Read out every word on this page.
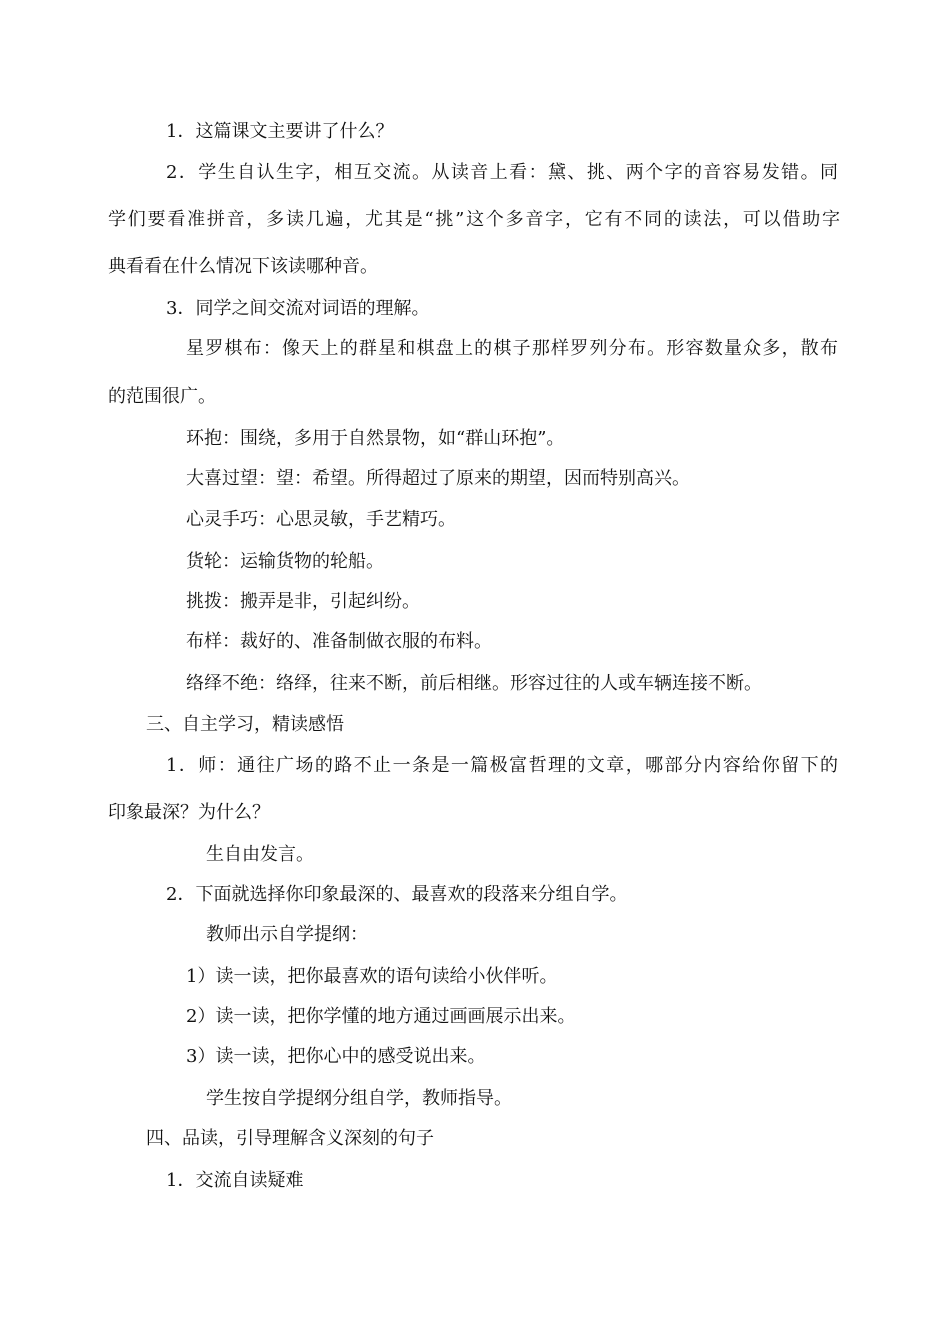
1．这篇课文主要讲了什么？
2．学生自认生字，相互交流。从读音上看：黛、挑、两个字的音容易发错。同
学们要看准拼音，多读几遍，尤其是“挑”这个多音字，它有不同的读法，可以借助字
典看看在什么情况下该读哪种音。
3．同学之间交流对词语的理解。
星罗棋布：像天上的群星和棋盘上的棋子那样罗列分布。形容数量众多，散布
的范围很广。
环抱：围绕，多用于自然景物，如“群山环抱”。
大喜过望：望：希望。所得超过了原来的期望，因而特别高兴。
心灵手巧：心思灵敏，手艺精巧。
货轮：运输货物的轮船。
挑拨：搬弄是非，引起纠纷。
布样：裁好的、准备制做衣服的布料。
络绎不绝：络绎，往来不断，前后相继。形容过往的人或车辆连接不断。
三、自主学习，精读感悟
1．师：通往广场的路不止一条是一篇极富哲理的文章，哪部分内容给你留下的
印象最深？为什么？
生自由发言。
2．下面就选择你印象最深的、最喜欢的段落来分组自学。
教师出示自学提纲：
1）读一读，把你最喜欢的语句读给小伙伴听。
2）读一读，把你学懂的地方通过画画展示出来。
3）读一读，把你心中的感受说出来。
学生按自学提纲分组自学，教师指导。
四、品读，引导理解含义深刻的句子
1．交流自读疑难
